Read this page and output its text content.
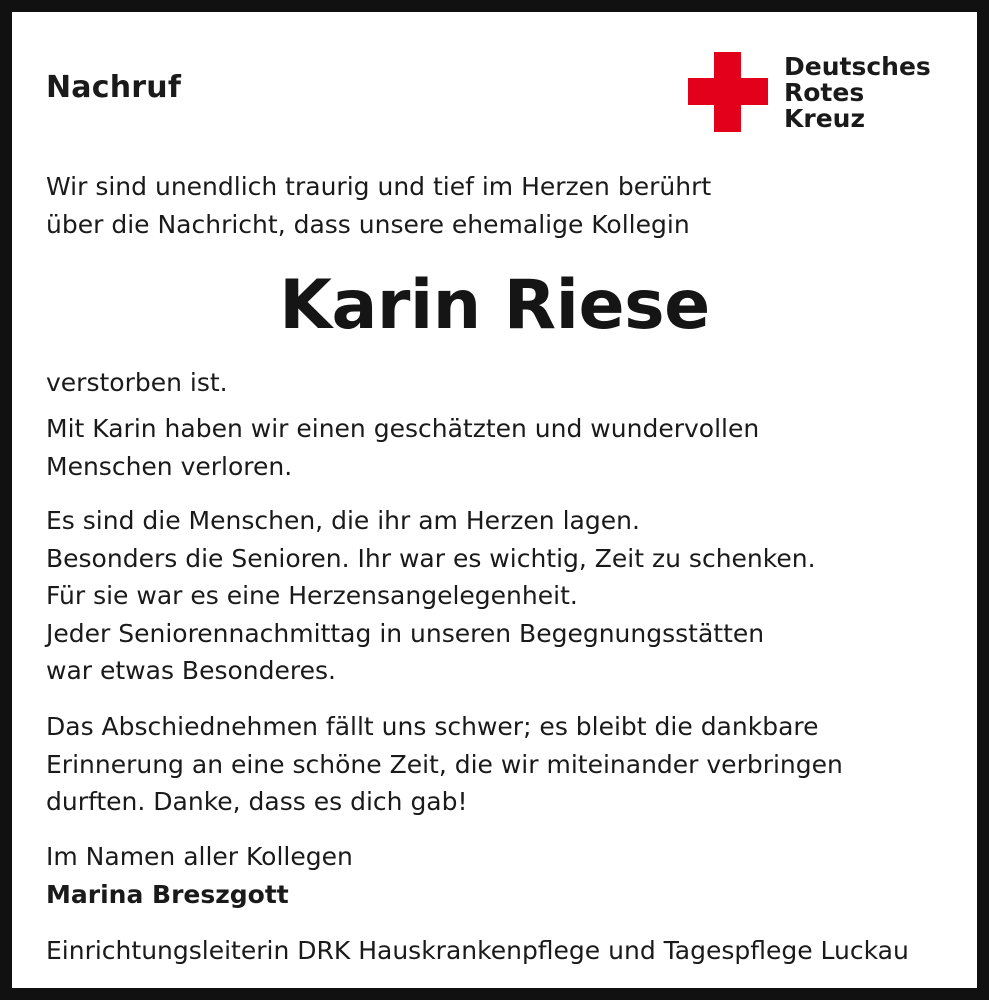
Nachruf
Deutsches
Rotes
Kreuz
Wir sind unendlich traurig und tief im Herzen berührt
über die Nachricht, dass unsere ehemalige Kollegin
Karin Riese
verstorben ist.
Mit Karin haben wir einen geschätzten und wundervollen
Menschen verloren.
Es sind die Menschen, die ihr am Herzen lagen.
Besonders die Senioren. Ihr war es wichtig, Zeit zu schenken.
Für sie war es eine Herzensangelegenheit.
Jeder Seniorennachmittag in unseren Begegnungsstätten
war etwas Besonderes.
Das Abschiednehmen fällt uns schwer; es bleibt die dankbare
Erinnerung an eine schöne Zeit, die wir miteinander verbringen
durften. Danke, dass es dich gab!
Im Namen aller Kollegen
Marina Breszgott
Einrichtungsleiterin DRK Hauskrankenpflege und Tagespflege Luckau
